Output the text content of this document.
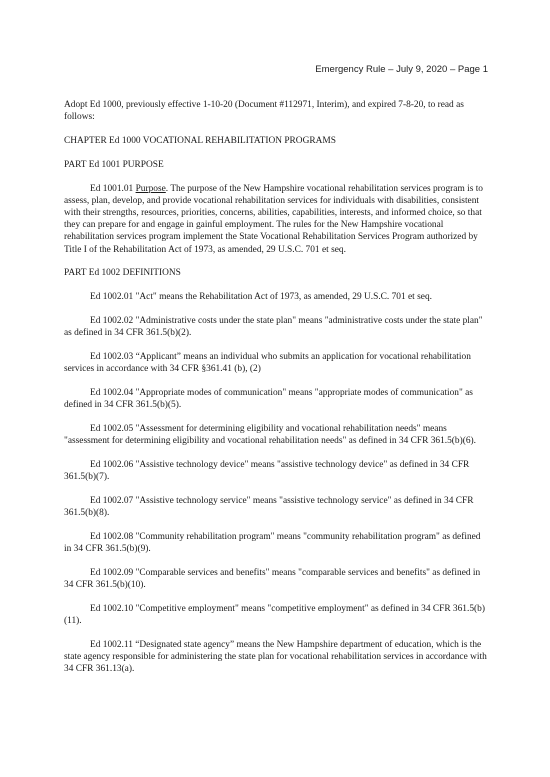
Emergency Rule – July 9, 2020 – Page 1

Adopt Ed 1000, previously effective 1-10-20 (Document #112971, Interim), and expired 7-8-20, to read as follows:

CHAPTER Ed 1000 VOCATIONAL REHABILITATION PROGRAMS

PART Ed 1001 PURPOSE

Ed 1001.01 Purpose. The purpose of the New Hampshire vocational rehabilitation services program is to assess, plan, develop, and provide vocational rehabilitation services for individuals with disabilities, consistent with their strengths, resources, priorities, concerns, abilities, capabilities, interests, and informed choice, so that they can prepare for and engage in gainful employment. The rules for the New Hampshire vocational rehabilitation services program implement the State Vocational Rehabilitation Services Program authorized by Title I of the Rehabilitation Act of 1973, as amended, 29 U.S.C. 701 et seq.

PART Ed 1002 DEFINITIONS

Ed 1002.01 "Act" means the Rehabilitation Act of 1973, as amended, 29 U.S.C. 701 et seq.

Ed 1002.02 "Administrative costs under the state plan" means "administrative costs under the state plan" as defined in 34 CFR 361.5(b)(2).

Ed 1002.03 “Applicant” means an individual who submits an application for vocational rehabilitation services in accordance with 34 CFR §361.41 (b), (2)

Ed 1002.04 "Appropriate modes of communication" means "appropriate modes of communication" as defined in 34 CFR 361.5(b)(5).

Ed 1002.05 "Assessment for determining eligibility and vocational rehabilitation needs" means "assessment for determining eligibility and vocational rehabilitation needs" as defined in 34 CFR 361.5(b)(6).

Ed 1002.06 "Assistive technology device" means "assistive technology device" as defined in 34 CFR 361.5(b)(7).

Ed 1002.07 "Assistive technology service" means "assistive technology service" as defined in 34 CFR 361.5(b)(8).

Ed 1002.08 "Community rehabilitation program" means "community rehabilitation program" as defined in 34 CFR 361.5(b)(9).

Ed 1002.09 "Comparable services and benefits" means "comparable services and benefits" as defined in 34 CFR 361.5(b)(10).

Ed 1002.10 "Competitive employment" means "competitive employment" as defined in 34 CFR 361.5(b)(11).

Ed 1002.11 “Designated state agency” means the New Hampshire department of education, which is the state agency responsible for administering the state plan for vocational rehabilitation services in accordance with 34 CFR 361.13(a).
